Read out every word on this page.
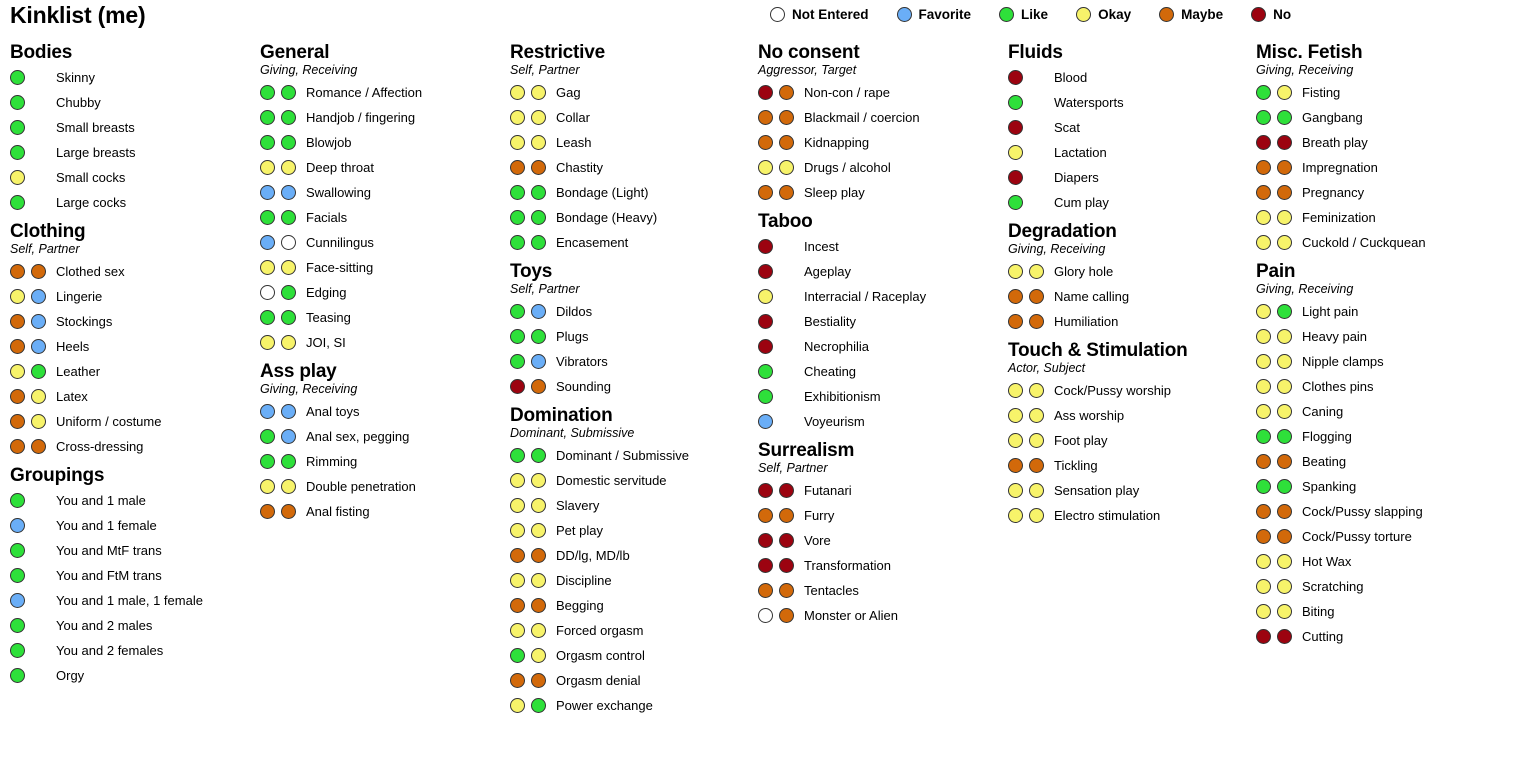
Kinklist (me)	Not Entered	Favorite	Like	Okay	Maybe	No
Bodies
Skinny
Chubby
Small breasts
Large breasts
Small cocks
Large cocks
Clothing
Self, Partner
Clothed sex
Lingerie
Stockings
Heels
Leather
Latex
Uniform / costume
Cross-dressing
Groupings
You and 1 male
You and 1 female
You and MtF trans
You and FtM trans
You and 1 male, 1 female
You and 2 males
You and 2 females
Orgy
General
Giving, Receiving
Romance / Affection
Handjob / fingering
Blowjob
Deep throat
Swallowing
Facials
Cunnilingus
Face-sitting
Edging
Teasing
JOI, SI
Ass play
Giving, Receiving
Anal toys
Anal sex, pegging
Rimming
Double penetration
Anal fisting
Restrictive
Self, Partner
Gag
Collar
Leash
Chastity
Bondage (Light)
Bondage (Heavy)
Encasement
Toys
Self, Partner
Dildos
Plugs
Vibrators
Sounding
Domination
Dominant, Submissive
Dominant / Submissive
Domestic servitude
Slavery
Pet play
DD/lg, MD/lb
Discipline
Begging
Forced orgasm
Orgasm control
Orgasm denial
Power exchange
No consent
Aggressor, Target
Non-con / rape
Blackmail / coercion
Kidnapping
Drugs / alcohol
Sleep play
Taboo
Incest
Ageplay
Interracial / Raceplay
Bestiality
Necrophilia
Cheating
Exhibitionism
Voyeurism
Surrealism
Self, Partner
Futanari
Furry
Vore
Transformation
Tentacles
Monster or Alien
Fluids
Blood
Watersports
Scat
Lactation
Diapers
Cum play
Degradation
Giving, Receiving
Glory hole
Name calling
Humiliation
Touch & Stimulation
Actor, Subject
Cock/Pussy worship
Ass worship
Foot play
Tickling
Sensation play
Electro stimulation
Misc. Fetish
Giving, Receiving
Fisting
Gangbang
Breath play
Impregnation
Pregnancy
Feminization
Cuckold / Cuckquean
Pain
Giving, Receiving
Light pain
Heavy pain
Nipple clamps
Clothes pins
Caning
Flogging
Beating
Spanking
Cock/Pussy slapping
Cock/Pussy torture
Hot Wax
Scratching
Biting
Cutting
